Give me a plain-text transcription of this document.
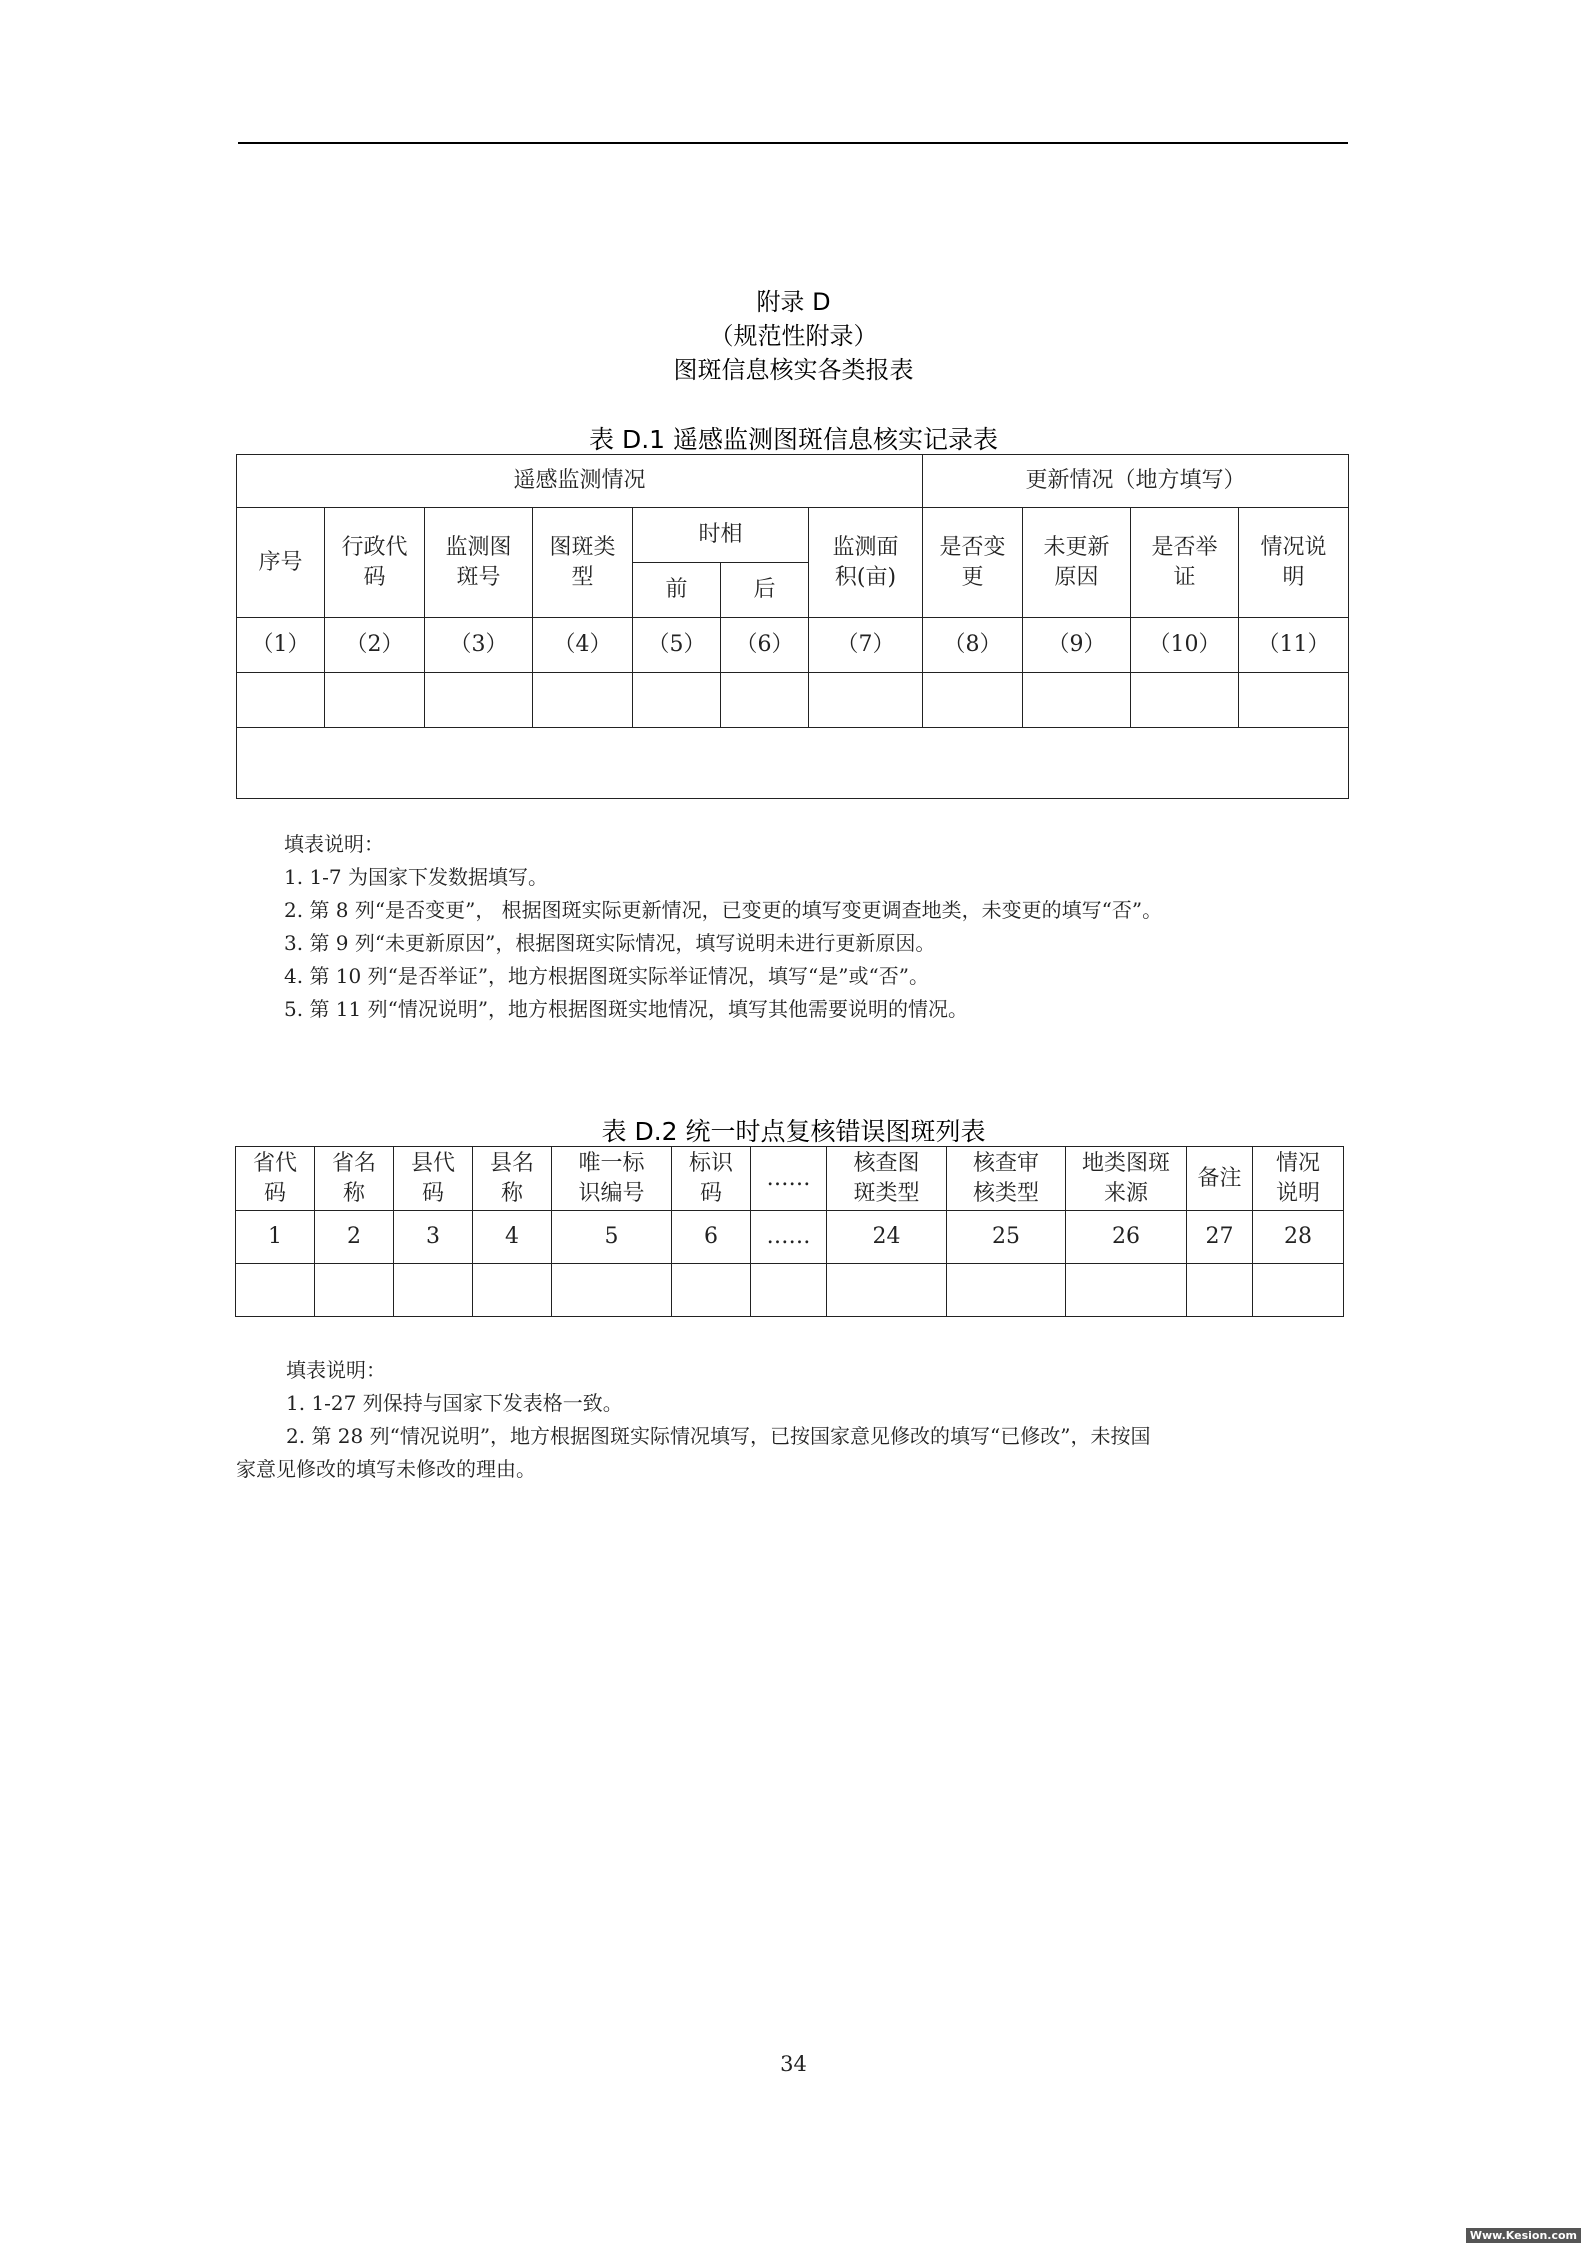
附录 D
（规范性附录）
图斑信息核实各类报表
表 D.1 遥感监测图斑信息核实记录表
遥感监测情况							更新情况（地方填写）			
序号	行政代码	监测图斑号	图斑类型	时相		监测面积(亩)	是否变更	未更新原因	是否举证	情况说明
				前	后					
（1）	（2）	（3）	（4）	（5）	（6）	（7）	（8）	（9）	（10）	（11）

填表说明：
1. 1-7 为国家下发数据填写。
2. 第 8 列“是否变更”， 根据图斑实际更新情况，已变更的填写变更调查地类，未变更的填写“否”。
3. 第 9 列“未更新原因”，根据图斑实际情况，填写说明未进行更新原因。
4. 第 10 列“是否举证”，地方根据图斑实际举证情况，填写“是”或“否”。
5. 第 11 列“情况说明”，地方根据图斑实地情况，填写其他需要说明的情况。
表 D.2 统一时点复核错误图斑列表
省代码	省名称	县代码	县名称	唯一标识编号	标识码	……	核查图斑类型	核查审核类型	地类图斑来源	备注	情况说明
1	2	3	4	5	6	……	24	25	26	27	28

填表说明：
1. 1-27 列保持与国家下发表格一致。
2. 第 28 列“情况说明”，地方根据图斑实际情况填写，已按国家意见修改的填写“已修改”，未按国
家意见修改的填写未修改的理由。
34
Www.Kesion.com
